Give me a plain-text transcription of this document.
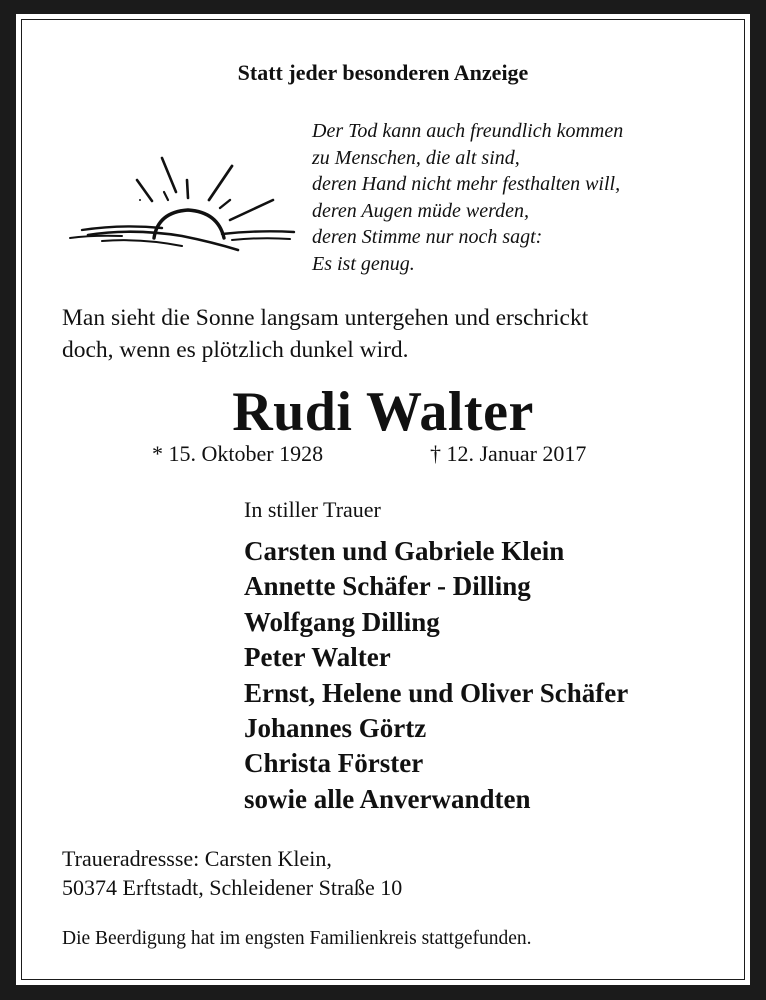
Statt jeder besonderen Anzeige
Der Tod kann auch freundlich kommen
zu Menschen, die alt sind,
deren Hand nicht mehr festhalten will,
deren Augen müde werden,
deren Stimme nur noch sagt:
Es ist genug.
Man sieht die Sonne langsam untergehen und erschrickt
doch, wenn es plötzlich dunkel wird.
Rudi Walter
* 15. Oktober 1928	† 12. Januar 2017
In stiller Trauer
Carsten und Gabriele Klein
Annette Schäfer - Dilling
Wolfgang Dilling
Peter Walter
Ernst, Helene und Oliver Schäfer
Johannes Görtz
Christa Förster
sowie alle Anverwandten
Traueradressse: Carsten Klein,
50374 Erftstadt, Schleidener Straße 10
Die Beerdigung hat im engsten Familienkreis stattgefunden.
